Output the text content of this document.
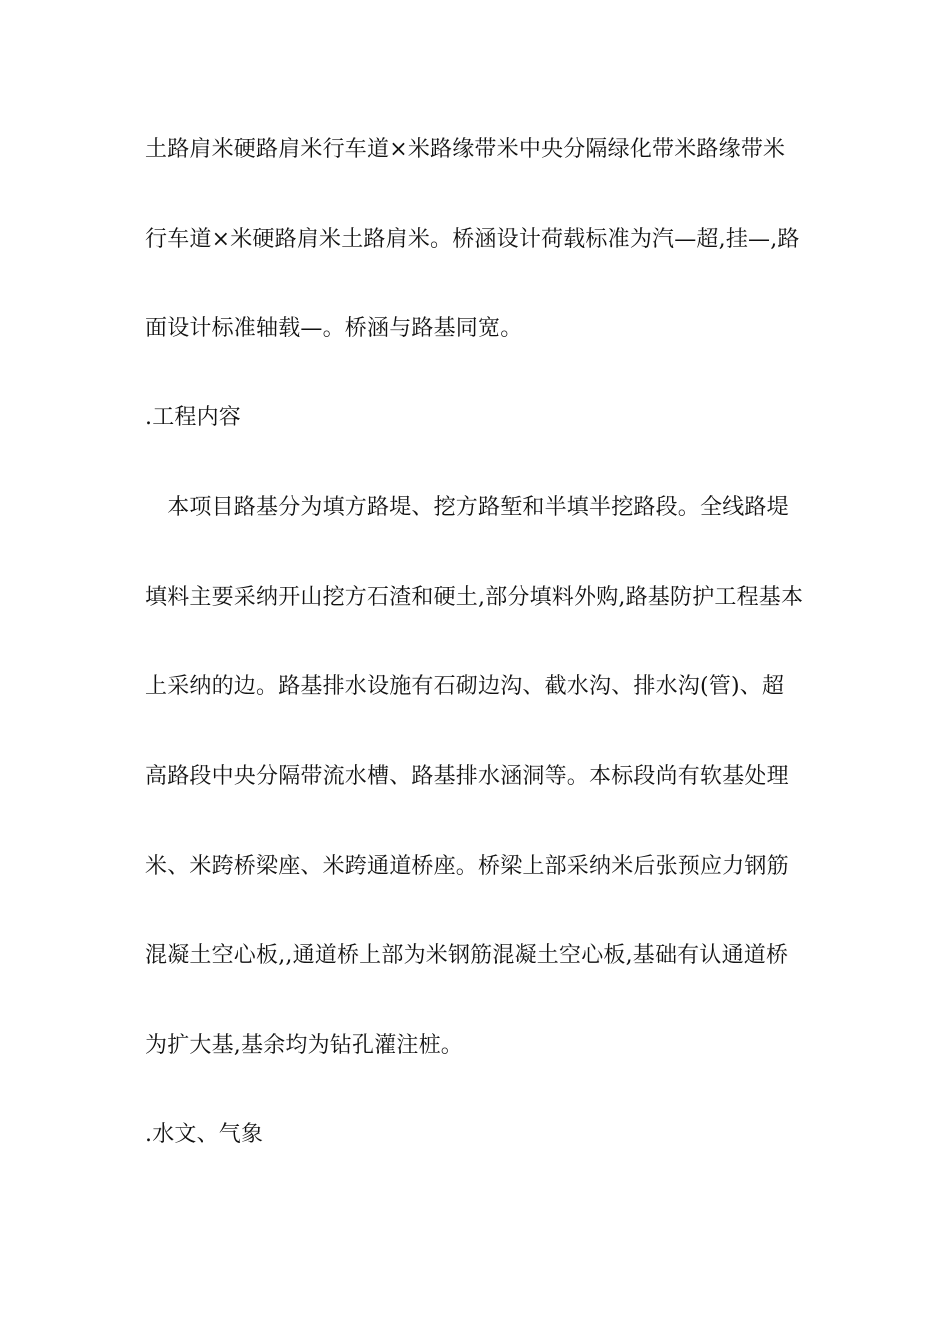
土路肩米硬路肩米行车道×米路缘带米中央分隔绿化带米路缘带米
行车道×米硬路肩米土路肩米。桥涵设计荷载标准为汽—超,挂—,路
面设计标准轴载—。桥涵与路基同宽。
.工程内容
　本项目路基分为填方路堤、挖方路堑和半填半挖路段。全线路堤
填料主要采纳开山挖方石渣和硬土,部分填料外购,路基防护工程基本
上采纳的边。路基排水设施有石砌边沟、截水沟、排水沟(管)、超
高路段中央分隔带流水槽、路基排水涵洞等。本标段尚有软基处理
米、米跨桥梁座、米跨通道桥座。桥梁上部采纳米后张预应力钢筋
混凝土空心板,,通道桥上部为米钢筋混凝土空心板,基础有认通道桥
为扩大基,基余均为钻孔灌注桩。
.水文、气象
